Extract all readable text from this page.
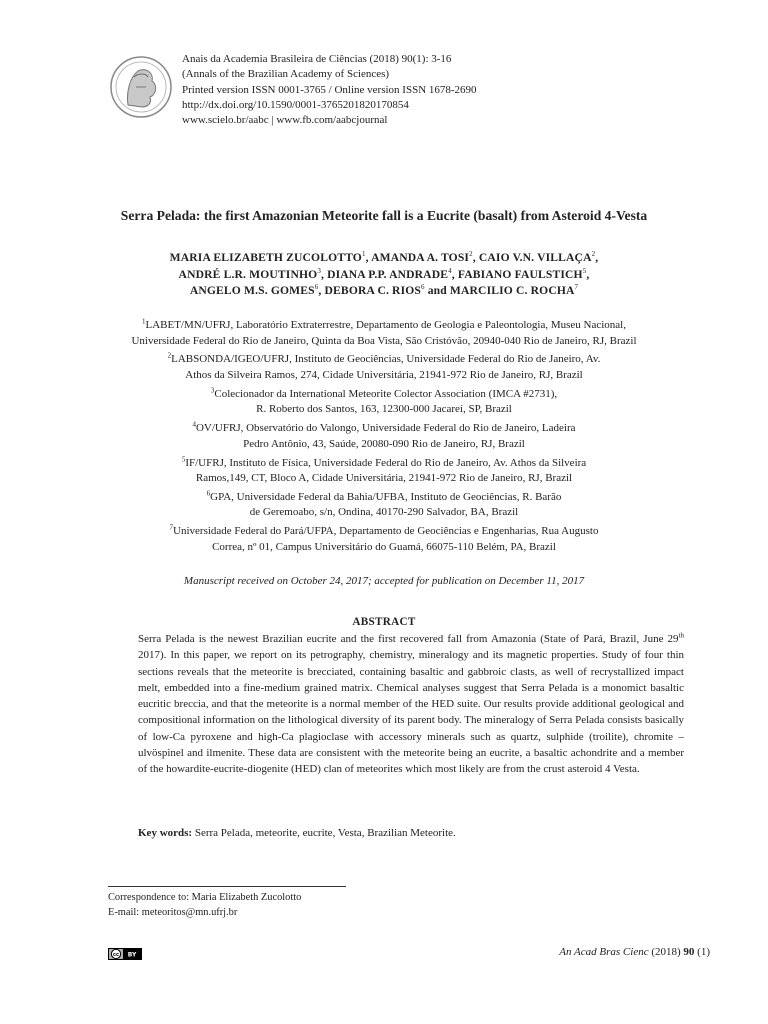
Anais da Academia Brasileira de Ciências (2018) 90(1): 3-16
(Annals of the Brazilian Academy of Sciences)
Printed version ISSN 0001-3765 / Online version ISSN 1678-2690
http://dx.doi.org/10.1590/0001-3765201820170854
www.scielo.br/aabc | www.fb.com/aabcjournal
Serra Pelada: the first Amazonian Meteorite fall is a Eucrite (basalt) from Asteroid 4-Vesta
MARIA ELIZABETH ZUCOLOTTO$^1$, AMANDA A. TOSI$^2$, CAIO V.N. VILLAÇA$^2$,
ANDRÉ L.R. MOUTINHO$^3$, DIANA P.P. ANDRADE$^4$, FABIANO FAULSTICH$^5$,
ANGELO M.S. GOMES$^6$, DEBORA C. RIOS$^6$ and MARCILIO C. ROCHA$^7$
$^1$LABET/MN/UFRJ, Laboratório Extraterrestre, Departamento de Geologia e Paleontologia, Museu Nacional,
Universidade Federal do Rio de Janeiro, Quinta da Boa Vista, São Cristóvão, 20940-040 Rio de Janeiro, RJ, Brazil
$^2$LABSONDA/IGEO/UFRJ, Instituto de Geociências, Universidade Federal do Rio de Janeiro, Av.
Athos da Silveira Ramos, 274, Cidade Universitária, 21941-972 Rio de Janeiro, RJ, Brazil
$^3$Colecionador da International Meteorite Colector Association (IMCA #2731),
R. Roberto dos Santos, 163, 12300-000 Jacareí, SP, Brazil
$^4$OV/UFRJ, Observatório do Valongo, Universidade Federal do Rio de Janeiro, Ladeira
Pedro Antônio, 43, Saúde, 20080-090 Rio de Janeiro, RJ, Brazil
$^5$IF/UFRJ, Instituto de Física, Universidade Federal do Rio de Janeiro, Av. Athos da Silveira
Ramos,149, CT, Bloco A, Cidade Universitária, 21941-972 Rio de Janeiro, RJ, Brazil
$^6$GPA, Universidade Federal da Bahia/UFBA, Instituto de Geociências, R. Barão
de Geremoabo, s/n, Ondina, 40170-290 Salvador, BA, Brazil
$^7$Universidade Federal do Pará/UFPA, Departamento de Geociências e Engenharias, Rua Augusto
Correa, nº 01, Campus Universitário do Guamá, 66075-110 Belém, PA, Brazil
Manuscript received on October 24, 2017; accepted for publication on December 11, 2017
ABSTRACT
Serra Pelada is the newest Brazilian eucrite and the first recovered fall from Amazonia (State of Pará, Brazil, June 29th 2017). In this paper, we report on its petrography, chemistry, mineralogy and its magnetic properties. Study of four thin sections reveals that the meteorite is brecciated, containing basaltic and gabbroic clasts, as well of recrystallized impact melt, embedded into a fine-medium grained matrix. Chemical analyses suggest that Serra Pelada is a monomict basaltic eucritic breccia, and that the meteorite is a normal member of the HED suite. Our results provide additional geological and compositional information on the lithological diversity of its parent body. The mineralogy of Serra Pelada consists basically of low-Ca pyroxene and high-Ca plagioclase with accessory minerals such as quartz, sulphide (troilite), chromite – ulvöspinel and ilmenite. These data are consistent with the meteorite being an eucrite, a basaltic achondrite and a member of the howardite-eucrite-diogenite (HED) clan of meteorites which most likely are from the crust asteroid 4 Vesta.
Key words: Serra Pelada, meteorite, eucrite, Vesta, Brazilian Meteorite.
Correspondence to: Maria Elizabeth Zucolotto
E-mail: meteoritos@mn.ufrj.br
cc BY	An Acad Bras Cienc (2018) 90 (1)
